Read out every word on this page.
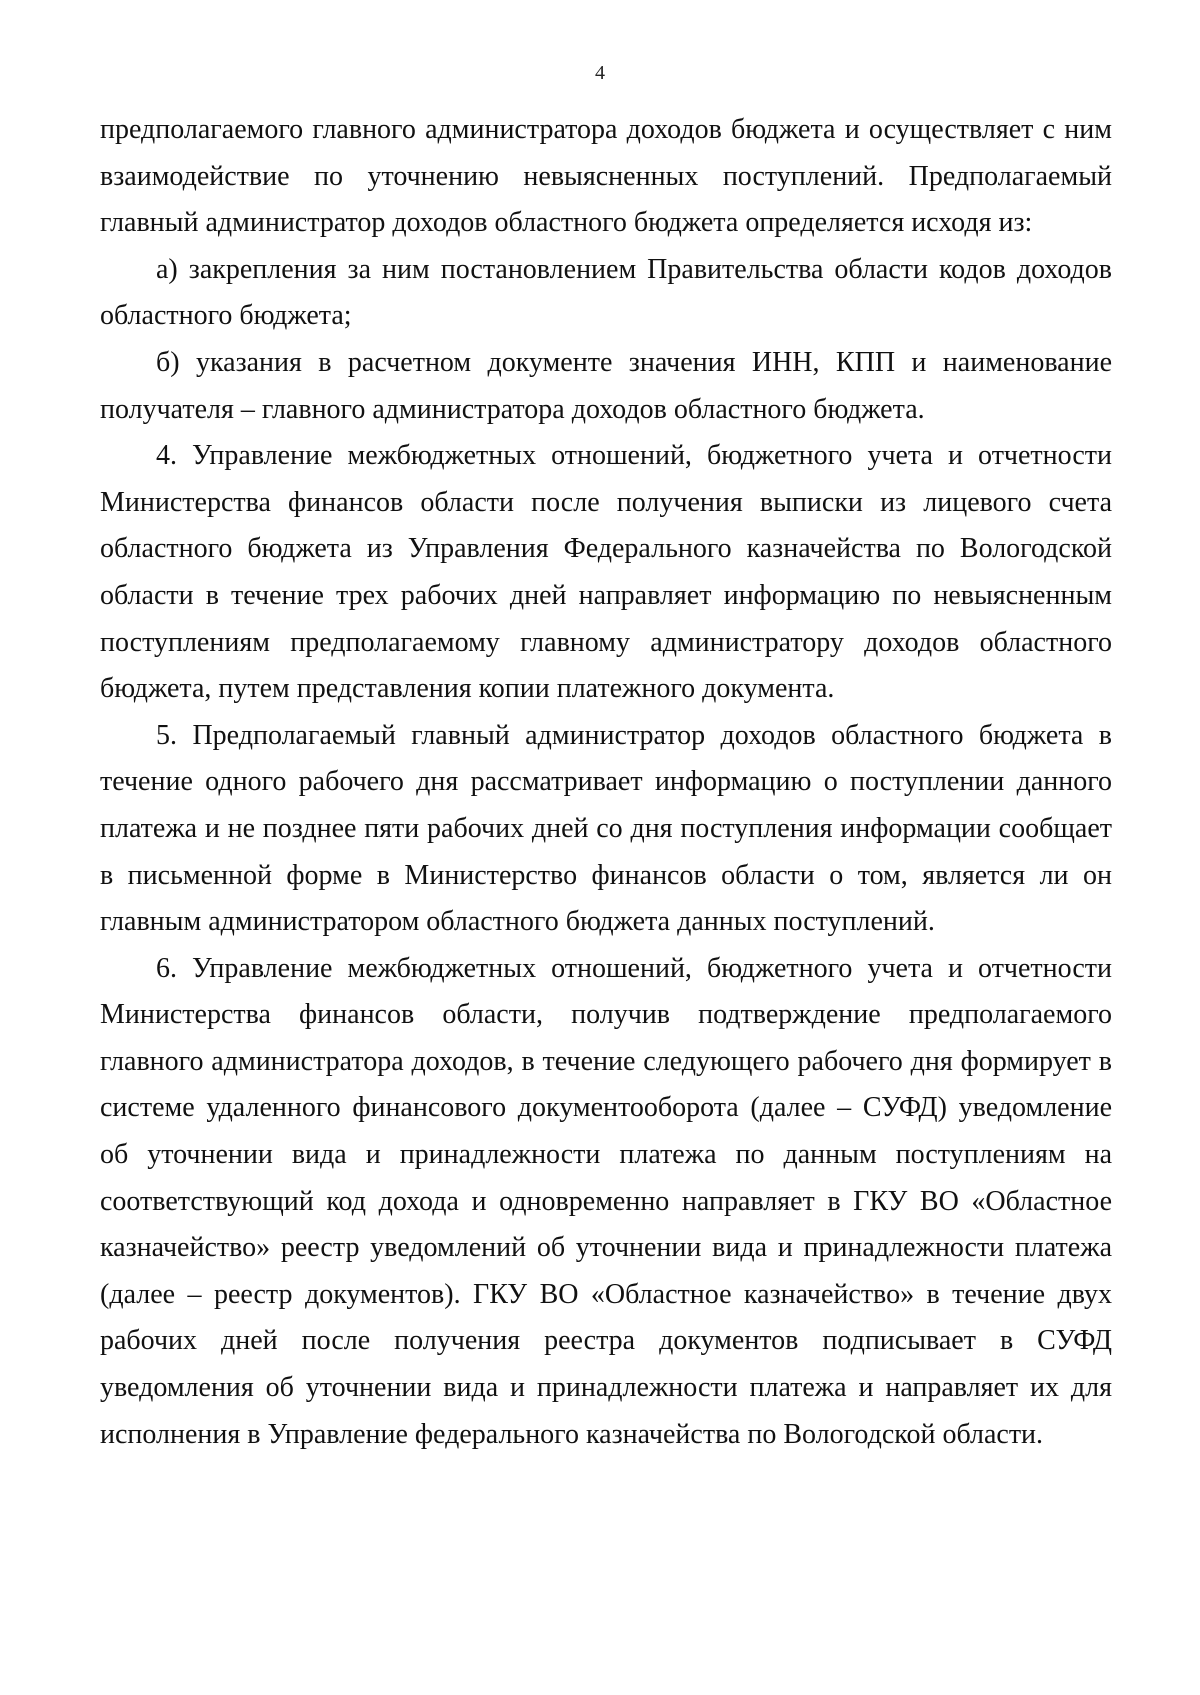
4

предполагаемого главного администратора доходов бюджета и осуществляет с ним взаимодействие по уточнению невыясненных поступлений. Предполагаемый главный администратор доходов областного бюджета определяется исходя из:

а) закрепления за ним постановлением Правительства области кодов доходов областного бюджета;

б) указания в расчетном документе значения ИНН, КПП и наименование получателя – главного администратора доходов областного бюджета.

4. Управление межбюджетных отношений, бюджетного учета и отчетности Министерства финансов области после получения выписки из лицевого счета областного бюджета из Управления Федерального казначейства по Вологодской области в течение трех рабочих дней направляет информацию по невыясненным поступлениям предполагаемому главному администратору доходов областного бюджета, путем представления копии платежного документа.

5. Предполагаемый главный администратор доходов областного бюджета в течение одного рабочего дня рассматривает информацию о поступлении данного платежа и не позднее пяти рабочих дней со дня поступления информации сообщает в письменной форме в Министерство финансов области о том, является ли он главным администратором областного бюджета данных поступлений.

6. Управление межбюджетных отношений, бюджетного учета и отчетности Министерства финансов области, получив подтверждение предполагаемого главного администратора доходов, в течение следующего рабочего дня формирует в системе удаленного финансового документооборота (далее – СУФД) уведомление об уточнении вида и принадлежности платежа по данным поступлениям на соответствующий код дохода и одновременно направляет в ГКУ ВО «Областное казначейство» реестр уведомлений об уточнении вида и принадлежности платежа (далее – реестр документов). ГКУ ВО «Областное казначейство» в течение двух рабочих дней после получения реестра документов подписывает в СУФД уведомления об уточнении вида и принадлежности платежа и направляет их для исполнения в Управление федерального казначейства по Вологодской области.
